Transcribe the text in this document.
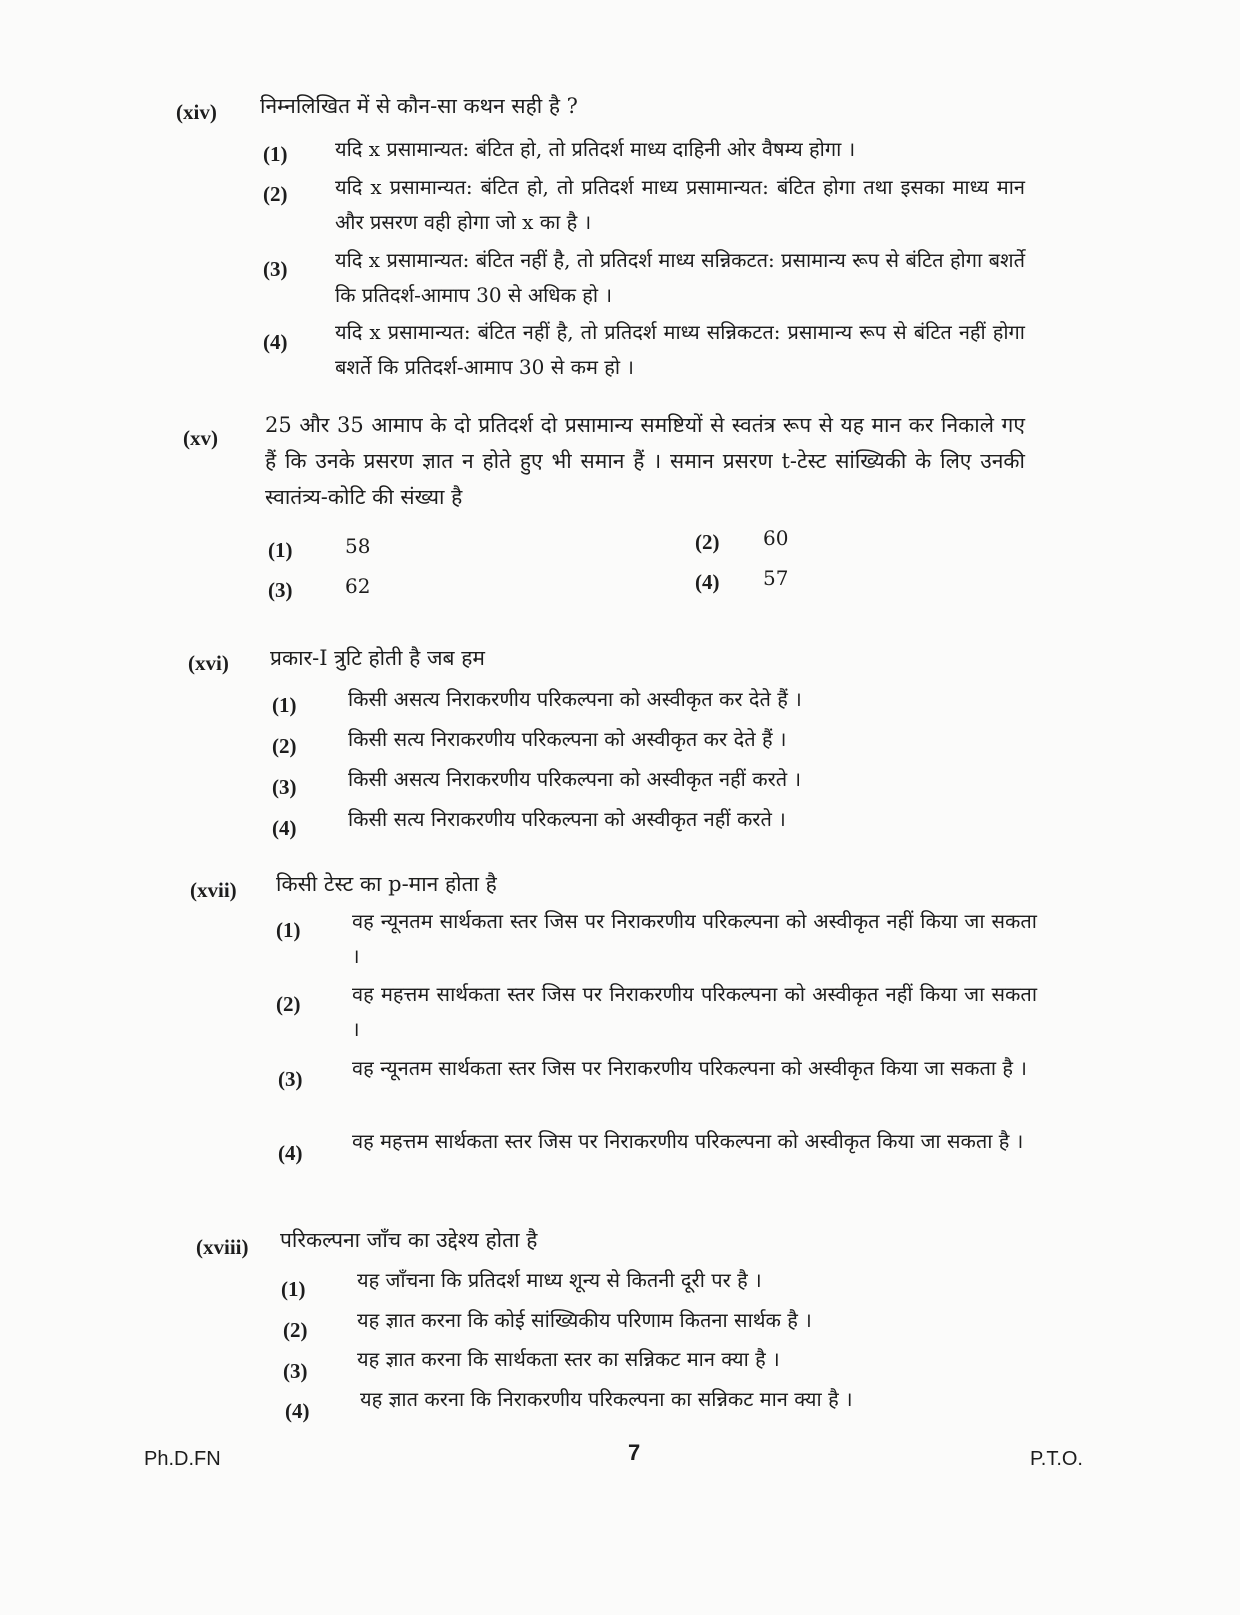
(xiv) निम्नलिखित में से कौन-सा कथन सही है ?
(1) यदि x प्रसामान्यत: बंटित हो, तो प्रतिदर्श माध्य दाहिनी ओर वैषम्य होगा ।
(2) यदि x प्रसामान्यत: बंटित हो, तो प्रतिदर्श माध्य प्रसामान्यत: बंटित होगा तथा इसका माध्य मान और प्रसरण वही होगा जो x का है ।
(3) यदि x प्रसामान्यत: बंटित नहीं है, तो प्रतिदर्श माध्य सन्निकटत: प्रसामान्य रूप से बंटित होगा बशर्ते कि प्रतिदर्श-आमाप 30 से अधिक हो ।
(4) यदि x प्रसामान्यत: बंटित नहीं है, तो प्रतिदर्श माध्य सन्निकटत: प्रसामान्य रूप से बंटित नहीं होगा बशर्ते कि प्रतिदर्श-आमाप 30 से कम हो ।
(xv)
25 और 35 आमाप के दो प्रतिदर्श दो प्रसामान्य समष्टियों से स्वतंत्र रूप से यह मान कर निकाले गए हैं कि उनके प्रसरण ज्ञात न होते हुए भी समान हैं । समान प्रसरण t-टेस्ट सांख्यिकी के लिए उनकी स्वातंत्र्य-कोटि की संख्या है
(1)	58	(2) 60
(3)	62	(4) 57
(xvi) प्रकार-I त्रुटि होती है जब हम
(1)	किसी असत्य निराकरणीय परिकल्पना को अस्वीकृत कर देते हैं ।
(2)	किसी सत्य निराकरणीय परिकल्पना को अस्वीकृत कर देते हैं ।
(3)	किसी असत्य निराकरणीय परिकल्पना को अस्वीकृत नहीं करते ।
(4)	किसी सत्य निराकरणीय परिकल्पना को अस्वीकृत नहीं करते ।
(xvii) किसी टेस्ट का p-मान होता है
(1)	वह न्यूनतम सार्थकता स्तर जिस पर निराकरणीय परिकल्पना को अस्वीकृत नहीं किया जा सकता ।
(2)	वह महत्तम सार्थकता स्तर जिस पर निराकरणीय परिकल्पना को अस्वीकृत नहीं किया जा सकता ।
(3) वह न्यूनतम सार्थकता स्तर जिस पर निराकरणीय परिकल्पना को अस्वीकृत किया जा सकता है ।
(4) वह महत्तम सार्थकता स्तर जिस पर निराकरणीय परिकल्पना को अस्वीकृत किया जा सकता है ।
(xviii) परिकल्पना जाँच का उद्देश्य होता है
(1)	यह जाँचना कि प्रतिदर्श माध्य शून्य से कितनी दूरी पर है ।
(2) यह ज्ञात करना कि कोई सांख्यिकीय परिणाम कितना सार्थक है ।
(3) यह ज्ञात करना कि सार्थकता स्तर का सन्निकट मान क्या है ।
(4)	यह ज्ञात करना कि निराकरणीय परिकल्पना का सन्निकट मान क्या है ।
Ph.D.FN	7	P.T.O.
